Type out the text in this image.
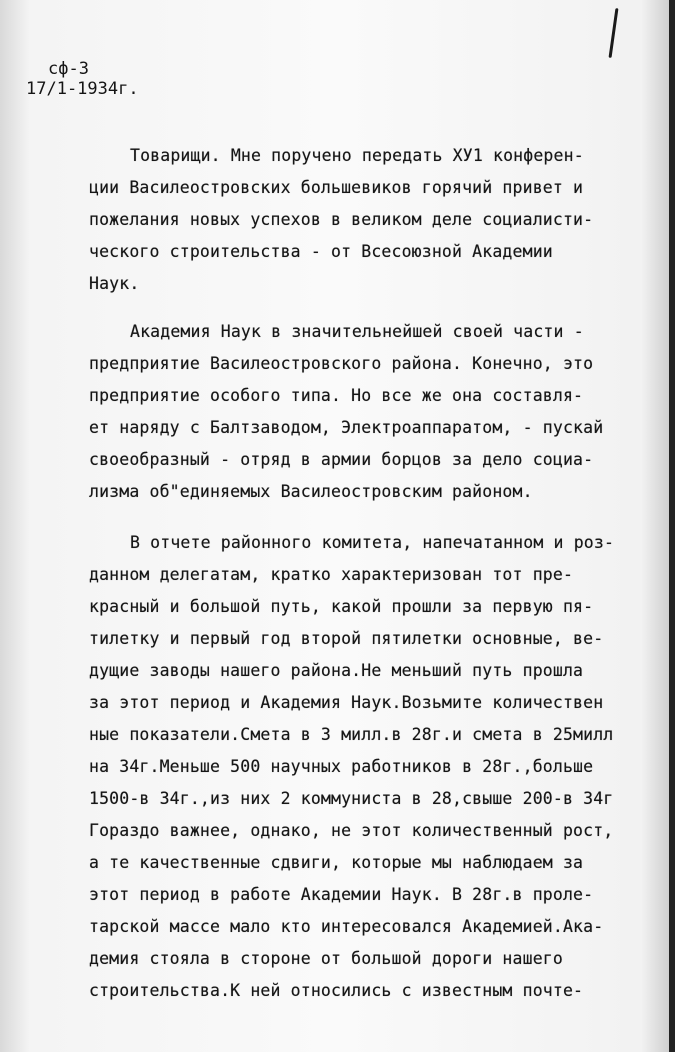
сф-3
17/1-1934г.
Товарищи. Мне поручено передать XУ1 конферен-
ции Василеостровских большевиков горячий привет и
пожелания новых успехов в великом деле социалисти-
ческого строительства - от Всесоюзной Академии
Наук.
Академия Наук в значительнейшей своей части -
предприятие Василеостровского района. Конечно, это
предприятие особого типа. Но все же она составля-
ет наряду с Балтзаводом, Электроаппаратом, - пускай
своеобразный - отряд в армии борцов за дело социа-
лизма об"единяемых Василеостровским районом.
В отчете районного комитета, напечатанном и роз-
данном делегатам, кратко характеризован тот пре-
красный и большой путь, какой прошли за первую пя-
тилетку и первый год второй пятилетки основные, ве-
дущие заводы нашего района.Не меньший путь прошла
за этот период и Академия Наук.Возьмите количествен
ные показатели.Смета в 3 милл.в 28г.и смета в 25милл
на 34г.Меньше 500 научных работников в 28г.,больше
1500-в 34г.,из них 2 коммуниста в 28,свыше 200-в 34г
Гораздо важнее, однако, не этот количественный рост,
а те качественные сдвиги, которые мы наблюдаем за
этот период в работе Академии Наук. В 28г.в проле-
тарской массе мало кто интересовался Академией.Ака-
демия стояла в стороне от большой дороги нашего
строительства.К ней относились с известным почте-
